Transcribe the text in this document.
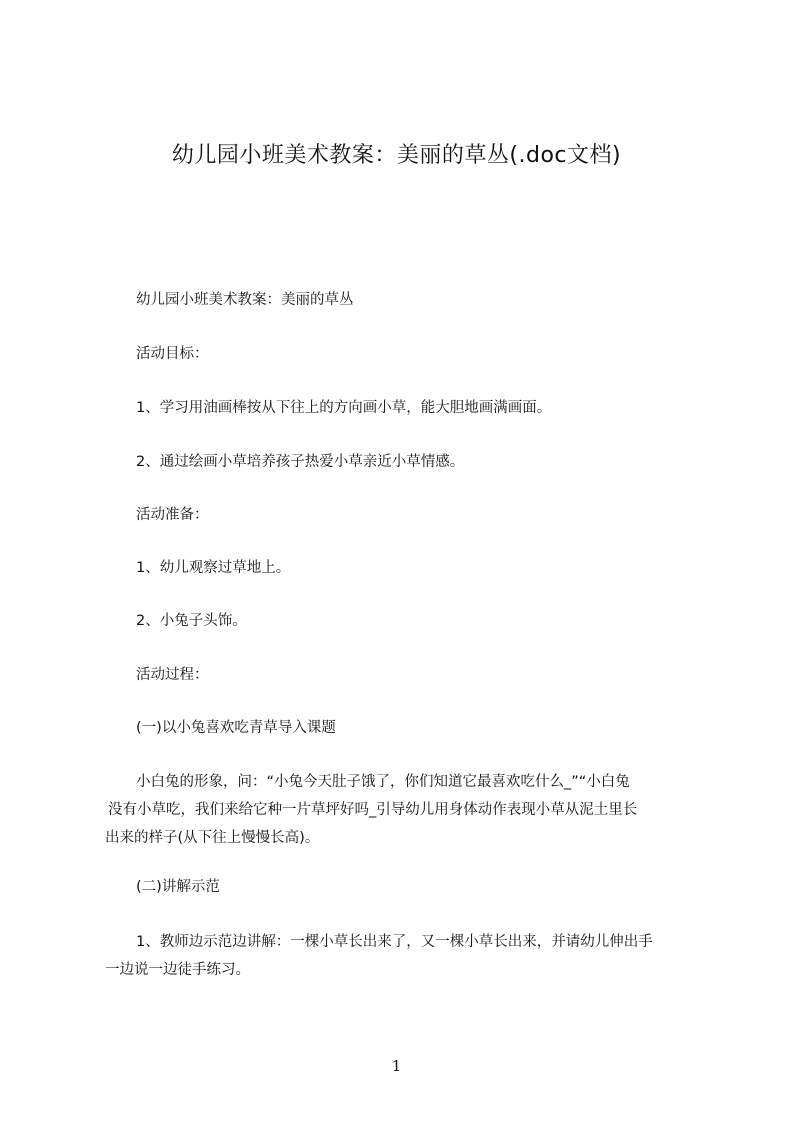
幼儿园小班美术教案：美丽的草丛(.doc文档)
幼儿园小班美术教案：美丽的草丛
活动目标：
1、学习用油画棒按从下往上的方向画小草，能大胆地画满画面。
2、通过绘画小草培养孩子热爱小草亲近小草情感。
活动准备：
1、幼儿观察过草地上。
2、小兔子头饰。
活动过程：
(一)以小兔喜欢吃青草导入课题
小白兔的形象，问：“小兔今天肚子饿了，你们知道它最喜欢吃什么_”“小白兔
没有小草吃，我们来给它种一片草坪好吗_引导幼儿用身体动作表现小草从泥土里长
出来的样子(从下往上慢慢长高)。
(二)讲解示范
1、教师边示范边讲解：一棵小草长出来了，又一棵小草长出来，并请幼儿伸出手
一边说一边徒手练习。
1
